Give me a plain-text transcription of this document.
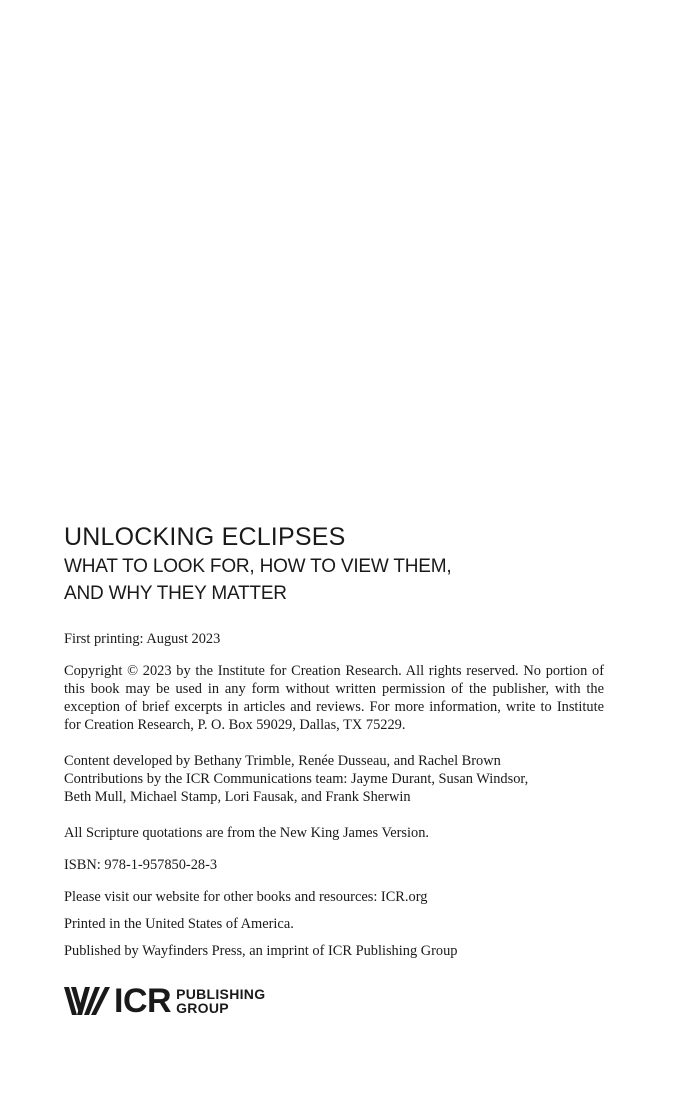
UNLOCKING ECLIPSES
WHAT TO LOOK FOR, HOW TO VIEW THEM,
AND WHY THEY MATTER

First printing: August 2023

Copyright © 2023 by the Institute for Creation Research. All rights reserved. No portion of this book may be used in any form without written permission of the publisher, with the exception of brief excerpts in articles and reviews. For more information, write to Institute for Creation Research, P. O. Box 59029, Dallas, TX 75229.

Content developed by Bethany Trimble, Renée Dusseau, and Rachel Brown
Contributions by the ICR Communications team: Jayme Durant, Susan Windsor,
Beth Mull, Michael Stamp, Lori Fausak, and Frank Sherwin

All Scripture quotations are from the New King James Version.

ISBN: 978-1-957850-28-3

Please visit our website for other books and resources: ICR.org

Printed in the United States of America.

Published by Wayfinders Press, an imprint of ICR Publishing Group

ICR PUBLISHING
GROUP
